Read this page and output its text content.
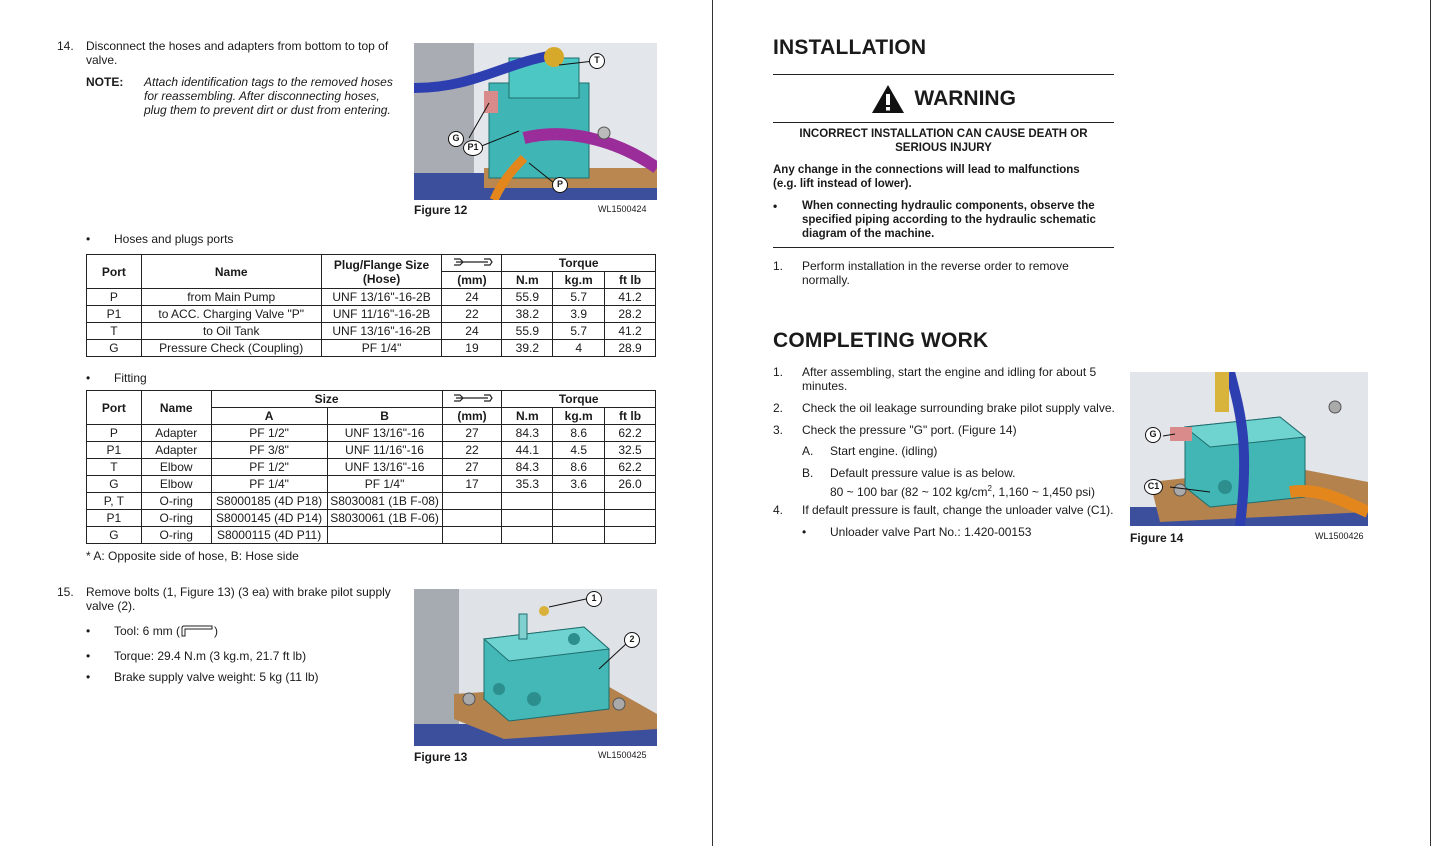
14.	Disconnect the hoses and adapters from bottom to top of
valve.
NOTE: Attach identification tags to the removed hoses
for reassembling. After disconnecting hoses,
plug them to prevent dirt or dust from entering.
T
G
P1
P
Figure 12	WL1500424
• Hoses and plugs ports
Port	Name	Plug/Flange Size
(Hose)		Torque		
			(mm)	N.m	kg.m	ft lb
P	from Main Pump	UNF 13/16"-16-2B	24	55.9	5.7	41.2
P1	to ACC. Charging Valve "P"	UNF 11/16"-16-2B	22	38.2	3.9	28.2
T	to Oil Tank	UNF 13/16"-16-2B	24	55.9	5.7	41.2
G	Pressure Check (Coupling)	PF 1/4"	19	39.2	4	28.9
• Fitting
Port	Name	Size			Torque		
		A	B	(mm)	N.m	kg.m	ft lb
P	Adapter	PF 1/2"	UNF 13/16"-16	27	84.3	8.6	62.2
P1	Adapter	PF 3/8"	UNF 11/16"-16	22	44.1	4.5	32.5
T	Elbow	PF 1/2"	UNF 13/16"-16	27	84.3	8.6	62.2
G	Elbow	PF 1/4"	PF 1/4"	17	35.3	3.6	26.0
P, T	O-ring	S8000185 (4D P18)	S8030081 (1B F-08)				
P1	O-ring	S8000145 (4D P14)	S8030061 (1B F-06)				
G	O-ring	S8000115 (4D P11)					
* A: Opposite side of hose, B: Hose side
15.	Remove bolts (1, Figure 13) (3 ea) with brake pilot supply
valve (2).
• Tool: 6 mm (	)
• Torque: 29.4 N.m (3 kg.m, 21.7 ft lb)
• Brake supply valve weight: 5 kg (11 lb)
1
2
Figure 13	WL1500425
INSTALLATION
WARNING
INCORRECT INSTALLATION CAN CAUSE DEATH OR
SERIOUS INJURY
Any change in the connections will lead to malfunctions
(e.g. lift instead of lower).
• When connecting hydraulic components, observe the
specified piping according to the hydraulic schematic
diagram of the machine.
1.	Perform installation in the reverse order to remove
normally.
COMPLETING WORK
1.	After assembling, start the engine and idling for about 5
minutes.
2.	Check the oil leakage surrounding brake pilot supply valve.
3.	Check the pressure "G" port. (Figure 14)
A.	Start engine. (idling)
B.	Default pressure value is as below.
80 ~ 100 bar (82 ~ 102 $kg/cm^2$, 1,160 ~ 1,450 psi)
4.	If default pressure is fault, change the unloader valve (C1).
• Unloader valve Part No.: 1.420-00153
G
C1
Figure 14	WL1500426
